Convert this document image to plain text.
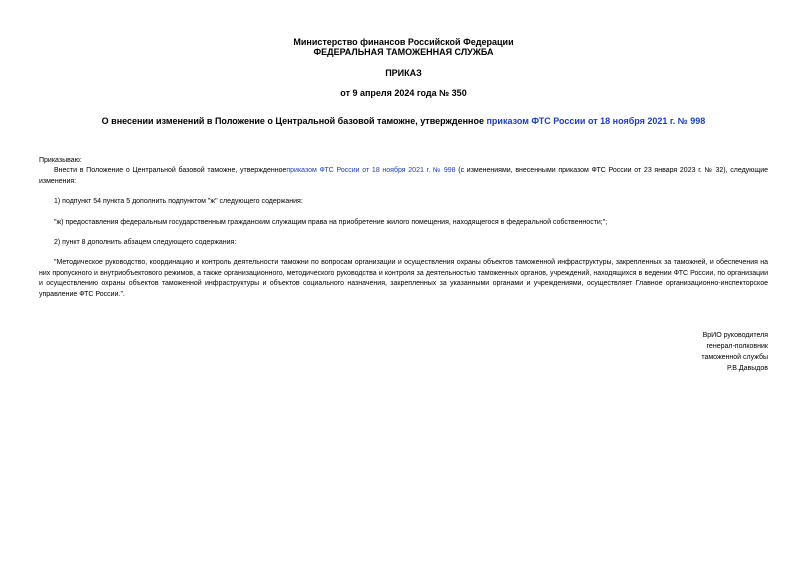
Министерство финансов Российской Федерации
ФЕДЕРАЛЬНАЯ ТАМОЖЕННАЯ СЛУЖБА
ПРИКАЗ
от 9 апреля 2024 года № 350
О внесении изменений в Положение о Центральной базовой таможне, утвержденное приказом ФТС России от 18 ноября 2021 г. № 998

Приказываю:

Внести в Положение о Центральной базовой таможне, утвержденноеприказом ФТС России от 18 ноября 2021 г. № 998 (с изменениями, внесенными приказом ФТС России от 23 января 2023 г. № 32), следующие изменения:

1) подпункт 54 пункта 5 дополнить подпунктом "ж" следующего содержания:

"ж) предоставления федеральным государственным гражданским служащим права на приобретение жилого помещения, находящегося в федеральной собственности;";

2) пункт 8 дополнить абзацем следующего содержания:

"Методическое руководство, координацию и контроль деятельности таможни по вопросам организации и осуществления охраны объектов таможенной инфраструктуры, закрепленных за таможней, и обеспечения на них пропускного и внутриобъектового режимов, а также организационного, методического руководства и контроля за деятельностью таможенных органов, учреждений, находящихся в ведении ФТС России, по организации и осуществлению охраны объектов таможенной инфраструктуры и объектов социального назначения, закрепленных за указанными органами и учреждениями, осуществляет Главное организационно-инспекторское управление ФТС России.".

ВрИО руководителя
генерал-полковник
таможенной службы
Р.В.Давыдов
